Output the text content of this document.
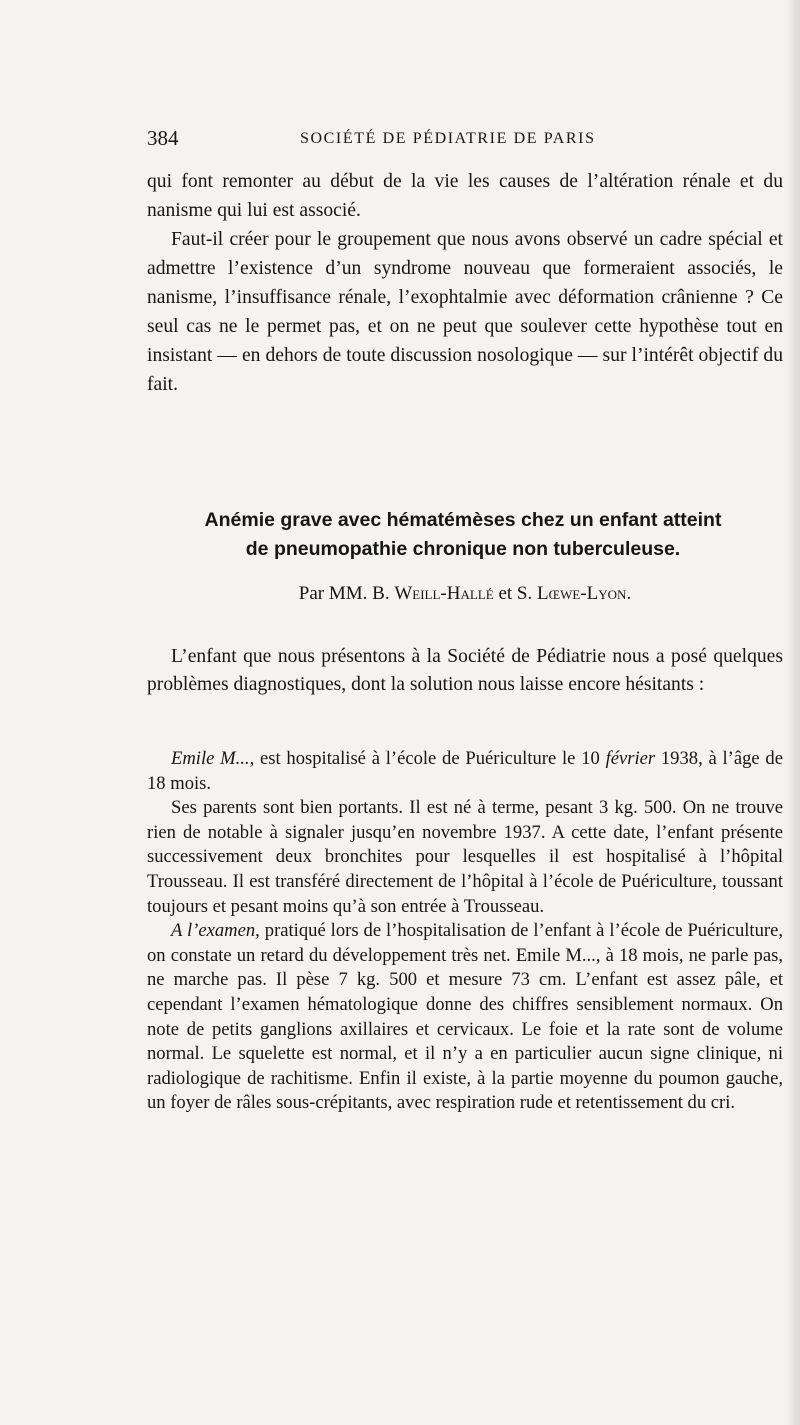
384	SOCIÉTÉ DE PÉDIATRIE DE PARIS

qui font remonter au début de la vie les causes de l’altération rénale et du nanisme qui lui est associé.

Faut-il créer pour le groupement que nous avons observé un cadre spécial et admettre l’existence d’un syndrome nouveau que formeraient associés, le nanisme, l’insuffisance rénale, l’exophtalmie avec déformation crânienne ? Ce seul cas ne le permet pas, et on ne peut que soulever cette hypothèse tout en insistant — en dehors de toute discussion nosologique — sur l’intérêt objectif du fait.

Anémie grave avec hématémèses chez un enfant atteint
de pneumopathie chronique non tuberculeuse.
Par MM. B. Weill-Hallé et S. Lœwe-Lyon.

L’enfant que nous présentons à la Société de Pédiatrie nous a posé quelques problèmes diagnostiques, dont la solution nous laisse encore hésitants :

Emile M..., est hospitalisé à l’école de Puériculture le 10 février 1938, à l’âge de 18 mois.

Ses parents sont bien portants. Il est né à terme, pesant 3 kg. 500. On ne trouve rien de notable à signaler jusqu’en novembre 1937. A cette date, l’enfant présente successivement deux bronchites pour lesquelles il est hospitalisé à l’hôpital Trousseau. Il est transféré directement de l’hôpital à l’école de Puériculture, toussant toujours et pesant moins qu’à son entrée à Trousseau.

A l’examen, pratiqué lors de l’hospitalisation de l’enfant à l’école de Puériculture, on constate un retard du développement très net. Emile M..., à 18 mois, ne parle pas, ne marche pas. Il pèse 7 kg. 500 et mesure 73 cm. L’enfant est assez pâle, et cependant l’examen hématologique donne des chiffres sensiblement normaux. On note de petits ganglions axillaires et cervicaux. Le foie et la rate sont de volume normal. Le squelette est normal, et il n’y a en particulier aucun signe clinique, ni radiologique de rachitisme. Enfin il existe, à la partie moyenne du poumon gauche, un foyer de râles sous-crépitants, avec respiration rude et retentissement du cri.
